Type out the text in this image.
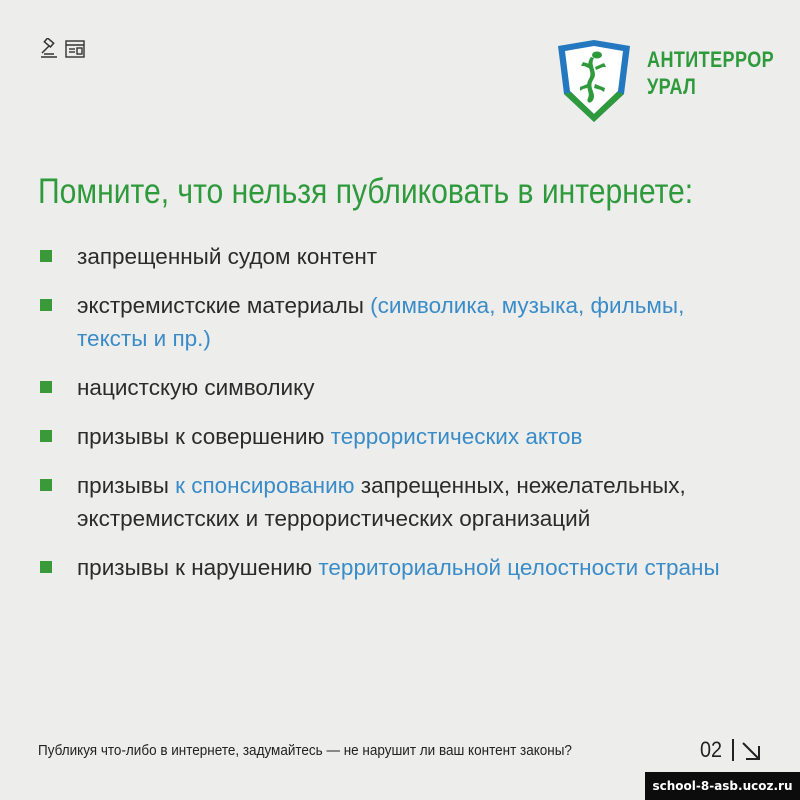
АНТИТЕРРОР
УРАЛ
Помните, что нельзя публиковать в интернете:
запрещенный судом контент
экстремистские материалы (символика, музыка, фильмы, тексты и пр.)
нацистскую символику
призывы к совершению террористических актов
призывы к спонсированию запрещенных, нежелательных, экстремистских и террористических организаций
призывы к нарушению территориальной целостности страны
Публикуя что-либо в интернете, задумайтесь — не нарушит ли ваш контент законы?	02
school-8-asb.ucoz.ru
